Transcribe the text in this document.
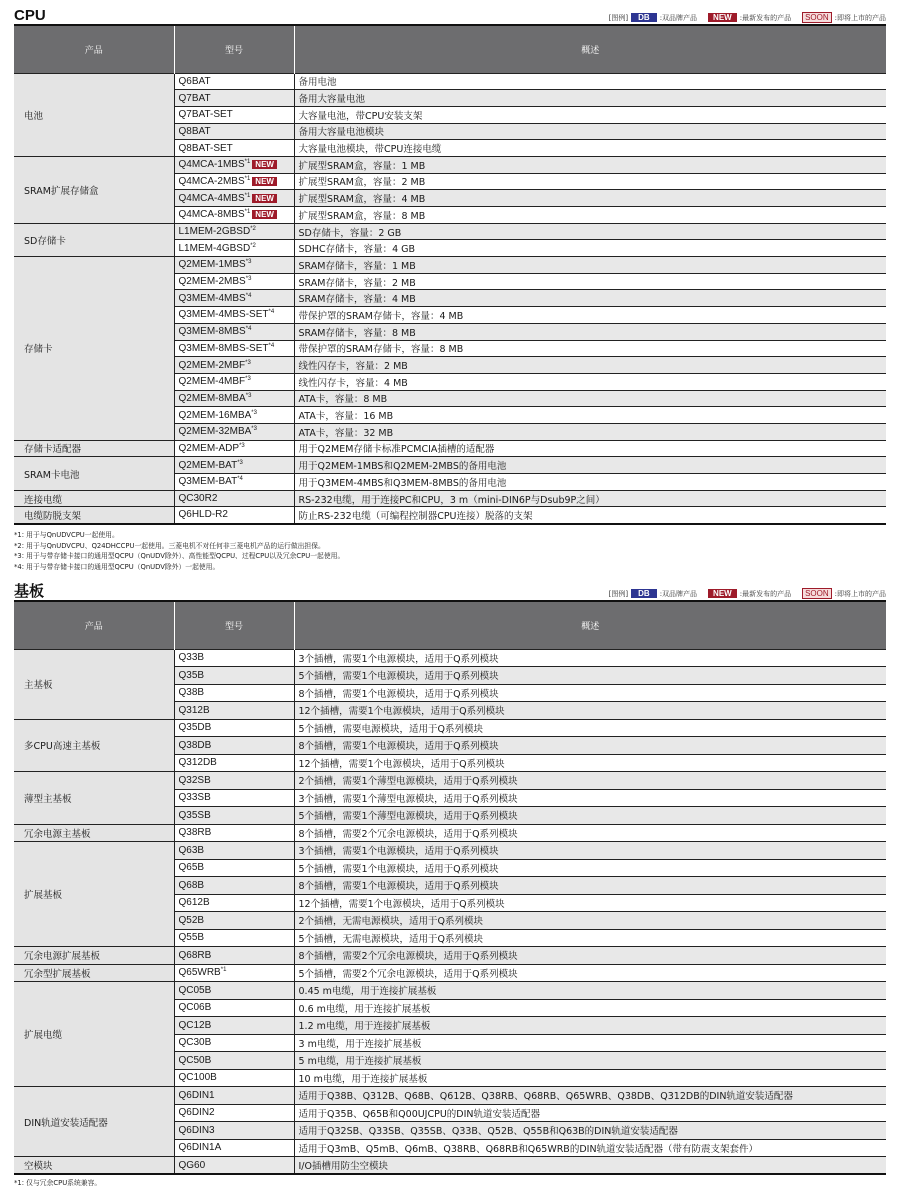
CPU	[图例]	DB	:双品牌产品	NEW	:最新发布的产品	SOON :即将上市的产品
产品	型号	概述
电池	Q6BAT	备用电池
	Q7BAT	备用大容量电池
	Q7BAT-SET	大容量电池，带CPU安装支架
	Q8BAT	备用大容量电池模块
	Q8BAT-SET	大容量电池模块，带CPU连接电缆
SRAM扩展存储盒	Q4MCA-1MBS$^{*1}$ NEW	扩展型SRAM盒，容量：1 MB
	Q4MCA-2MBS$^{*1}$ NEW	扩展型SRAM盒，容量：2 MB
	Q4MCA-4MBS$^{*1}$ NEW	扩展型SRAM盒，容量：4 MB
	Q4MCA-8MBS$^{*1}$ NEW	扩展型SRAM盒，容量：8 MB
SD存储卡	L1MEM-2GBSD$^{*2}$	SD存储卡，容量：2 GB
	L1MEM-4GBSD$^{*2}$	SDHC存储卡，容量：4 GB
存储卡	Q2MEM-1MBS$^{*3}$	SRAM存储卡，容量：1 MB
	Q2MEM-2MBS$^{*3}$	SRAM存储卡，容量：2 MB
	Q3MEM-4MBS$^{*4}$	SRAM存储卡，容量：4 MB
	Q3MEM-4MBS-SET$^{*4}$	带保护罩的SRAM存储卡，容量：4 MB
	Q3MEM-8MBS$^{*4}$	SRAM存储卡，容量：8 MB
	Q3MEM-8MBS-SET$^{*4}$	带保护罩的SRAM存储卡，容量：8 MB
	Q2MEM-2MBF$^{*3}$	线性闪存卡，容量：2 MB
	Q2MEM-4MBF$^{*3}$	线性闪存卡，容量：4 MB
	Q2MEM-8MBA$^{*3}$	ATA卡，容量：8 MB
	Q2MEM-16MBA$^{*3}$	ATA卡，容量：16 MB
	Q2MEM-32MBA$^{*3}$	ATA卡，容量：32 MB
存储卡适配器	Q2MEM-ADP$^{*3}$	用于Q2MEM存储卡标准PCMCIA插槽的适配器
SRAM卡电池	Q2MEM-BAT$^{*3}$	用于Q2MEM-1MBS和Q2MEM-2MBS的备用电池
	Q3MEM-BAT$^{*4}$	用于Q3MEM-4MBS和Q3MEM-8MBS的备用电池
连接电缆	QC30R2	RS-232电缆，用于连接PC和CPU，3 m（mini-DIN6P与Dsub9P之间）
电缆防脱支架	Q6HLD-R2	防止RS-232电缆（可编程控制器CPU连接）脱落的支架
*1: 用于与QnUDVCPU一起使用。
*2: 用于与QnUDVCPU、Q24DHCCPU一起使用。三菱电机不对任何非三菱电机产品的运行做出担保。
*3: 用于与带存储卡接口的通用型QCPU（QnUDV除外）、高性能型QCPU、过程CPU以及冗余CPU一起使用。
*4: 用于与带存储卡接口的通用型QCPU（QnUDV除外）一起使用。
基板	[图例]	DB	:双品牌产品	NEW	:最新发布的产品	SOON :即将上市的产品
产品	型号	概述
主基板	Q33B	3个插槽，需要1个电源模块，适用于Q系列模块
	Q35B	5个插槽，需要1个电源模块，适用于Q系列模块
	Q38B	8个插槽，需要1个电源模块，适用于Q系列模块
	Q312B	12个插槽，需要1个电源模块，适用于Q系列模块
多CPU高速主基板	Q35DB	5个插槽，需要电源模块，适用于Q系列模块
	Q38DB	8个插槽，需要1个电源模块，适用于Q系列模块
	Q312DB	12个插槽，需要1个电源模块，适用于Q系列模块
薄型主基板	Q32SB	2个插槽，需要1个薄型电源模块，适用于Q系列模块
	Q33SB	3个插槽，需要1个薄型电源模块，适用于Q系列模块
	Q35SB	5个插槽，需要1个薄型电源模块，适用于Q系列模块
冗余电源主基板	Q38RB	8个插槽，需要2个冗余电源模块，适用于Q系列模块
扩展基板	Q63B	3个插槽，需要1个电源模块，适用于Q系列模块
	Q65B	5个插槽，需要1个电源模块，适用于Q系列模块
	Q68B	8个插槽，需要1个电源模块，适用于Q系列模块
	Q612B	12个插槽，需要1个电源模块，适用于Q系列模块
	Q52B	2个插槽，无需电源模块，适用于Q系列模块
	Q55B	5个插槽，无需电源模块，适用于Q系列模块
冗余电源扩展基板	Q68RB	8个插槽，需要2个冗余电源模块，适用于Q系列模块
冗余型扩展基板	Q65WRB$^{*1}$	5个插槽，需要2个冗余电源模块，适用于Q系列模块
扩展电缆	QC05B	0.45 m电缆，用于连接扩展基板
	QC06B	0.6 m电缆，用于连接扩展基板
	QC12B	1.2 m电缆，用于连接扩展基板
	QC30B	3 m电缆，用于连接扩展基板
	QC50B	5 m电缆，用于连接扩展基板
	QC100B	10 m电缆，用于连接扩展基板
DIN轨道安装适配器	Q6DIN1	适用于Q38B、Q312B、Q68B、Q612B、Q38RB、Q68RB、Q65WRB、Q38DB、Q312DB的DIN轨道安装适配器
	Q6DIN2	适用于Q35B、Q65B和Q00UJCPU的DIN轨道安装适配器
	Q6DIN3	适用于Q32SB、Q33SB、Q35SB、Q33B、Q52B、Q55B和Q63B的DIN轨道安装适配器
	Q6DIN1A	适用于Q3mB、Q5mB、Q6mB、Q38RB、Q68RB和Q65WRB的DIN轨道安装适配器（带有防震支架套件）
空模块	QG60	I/O插槽用防尘空模块
*1: 仅与冗余CPU系统兼容。
